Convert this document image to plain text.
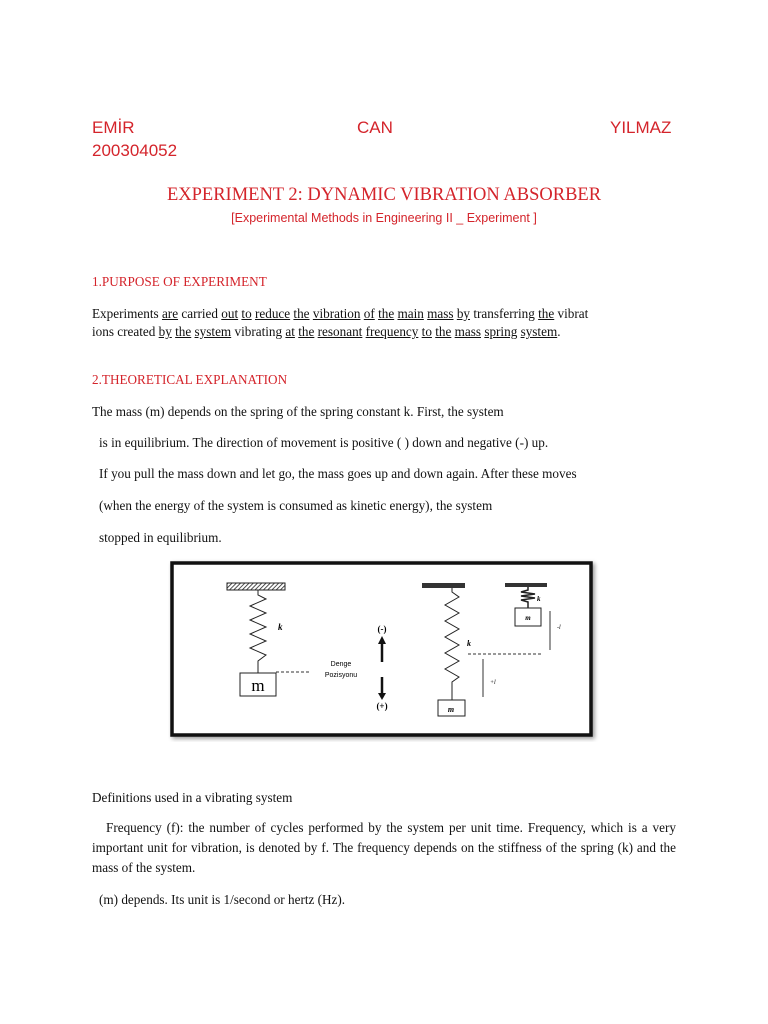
EMİR	CAN	YILMAZ
200304052
EXPERIMENT 2: DYNAMIC VIBRATION ABSORBER
[Experimental Methods in Engineering II _ Experiment ]
1.PURPOSE OF EXPERIMENT
Experiments are carried out to reduce the vibration of the main mass by transferring the vibrat
ions created by the system vibrating at the resonant frequency to the mass spring system.
2.THEORETICAL EXPLANATION
The mass (m) depends on the spring of the spring constant k. First, the system
is in equilibrium. The direction of movement is positive ( ) down and negative (-) up.
If you pull the mass down and let go, the mass goes up and down again. After these moves
(when the energy of the system is consumed as kinetic energy), the system
stopped in equilibrium.
m
k
Denge
Pozisyonu
(-)
(+)	m
k
+l
k
m
-l
Definitions used in a vibrating system
Frequency (f): the number of cycles performed by the system per unit time. Frequency, which is a very important unit for vibration, is denoted by f. The frequency depends on the stiffness of the spring (k) and the mass of the system.
(m) depends. Its unit is 1/second or hertz (Hz).
